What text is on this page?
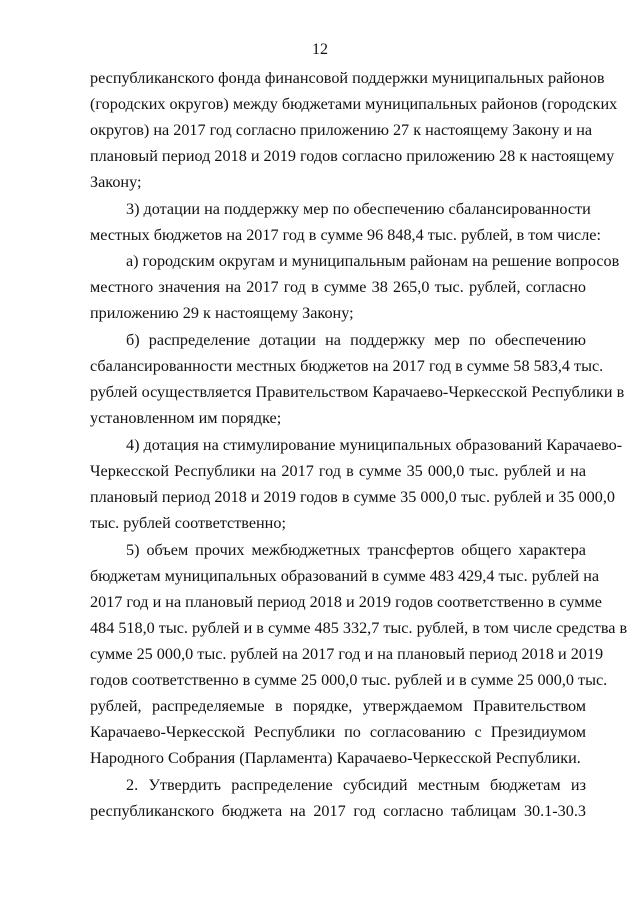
12
республиканского фонда финансовой поддержки муниципальных районов
(городских округов) между бюджетами муниципальных районов (городских
округов) на 2017 год согласно приложению 27 к настоящему Закону и на
плановый период 2018 и 2019 годов согласно приложению 28 к настоящему
Закону;
3) дотации на поддержку мер по обеспечению сбалансированности
местных бюджетов на 2017 год в сумме 96 848,4 тыс. рублей, в том числе:
а) городским округам и муниципальным районам на решение вопросов
местного значения на 2017 год в сумме 38 265,0 тыс. рублей, согласно
приложению 29 к настоящему Закону;
б) распределение дотации на поддержку мер по обеспечению
сбалансированности местных бюджетов на 2017 год в сумме 58 583,4 тыс.
рублей осуществляется Правительством Карачаево-Черкесской Республики в
установленном им порядке;
4) дотация на стимулирование муниципальных образований Карачаево-
Черкесской Республики на 2017 год в сумме 35 000,0 тыс. рублей и на
плановый период 2018 и 2019 годов в сумме 35 000,0 тыс. рублей и 35 000,0
тыс. рублей соответственно;
5) объем прочих межбюджетных трансфертов общего характера
бюджетам муниципальных образований в сумме 483 429,4 тыс. рублей на
2017 год и на плановый период 2018 и 2019 годов соответственно в сумме
484 518,0 тыс. рублей и в сумме 485 332,7 тыс. рублей, в том числе средства в
сумме 25 000,0 тыс. рублей на 2017 год и на плановый период 2018 и 2019
годов соответственно в сумме 25 000,0 тыс. рублей и в сумме 25 000,0 тыс.
рублей, распределяемые в порядке, утверждаемом Правительством
Карачаево-Черкесской Республики по согласованию с Президиумом
Народного Собрания (Парламента) Карачаево-Черкесской Республики.
2. Утвердить распределение субсидий местным бюджетам из
республиканского бюджета на 2017 год согласно таблицам 30.1-30.3
